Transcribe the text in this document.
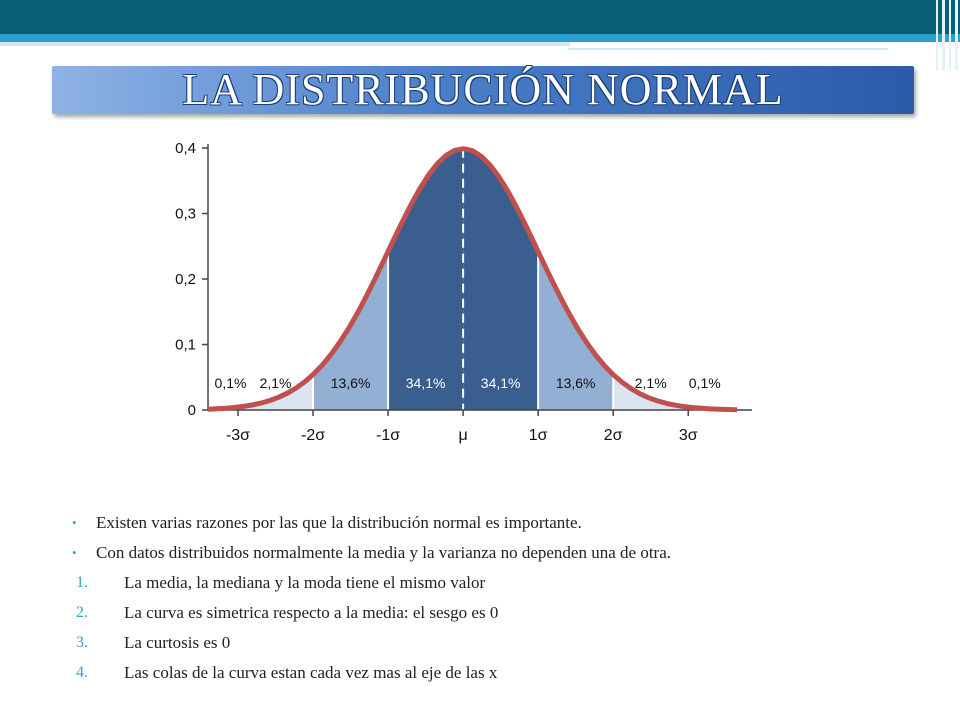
LA DISTRIBUCIÓN NORMAL
0
0,1
0,2
0,3
0,4
-3σ	-2σ	-1σ	μ	1σ	2σ	3σ
0,1% 2,1%	13,6%	34,1%	34,1%	13,6%	2,1% 0,1%
• Existen varias razones por las que la distribución normal es importante.
• Con datos distribuidos normalmente la media y la varianza no dependen una de otra.
1. La media, la mediana y la moda tiene el mismo valor
2. La curva es simetrica respecto a la media: el sesgo es 0
3. La curtosis es 0
4. Las colas de la curva estan cada vez mas al eje de las x
